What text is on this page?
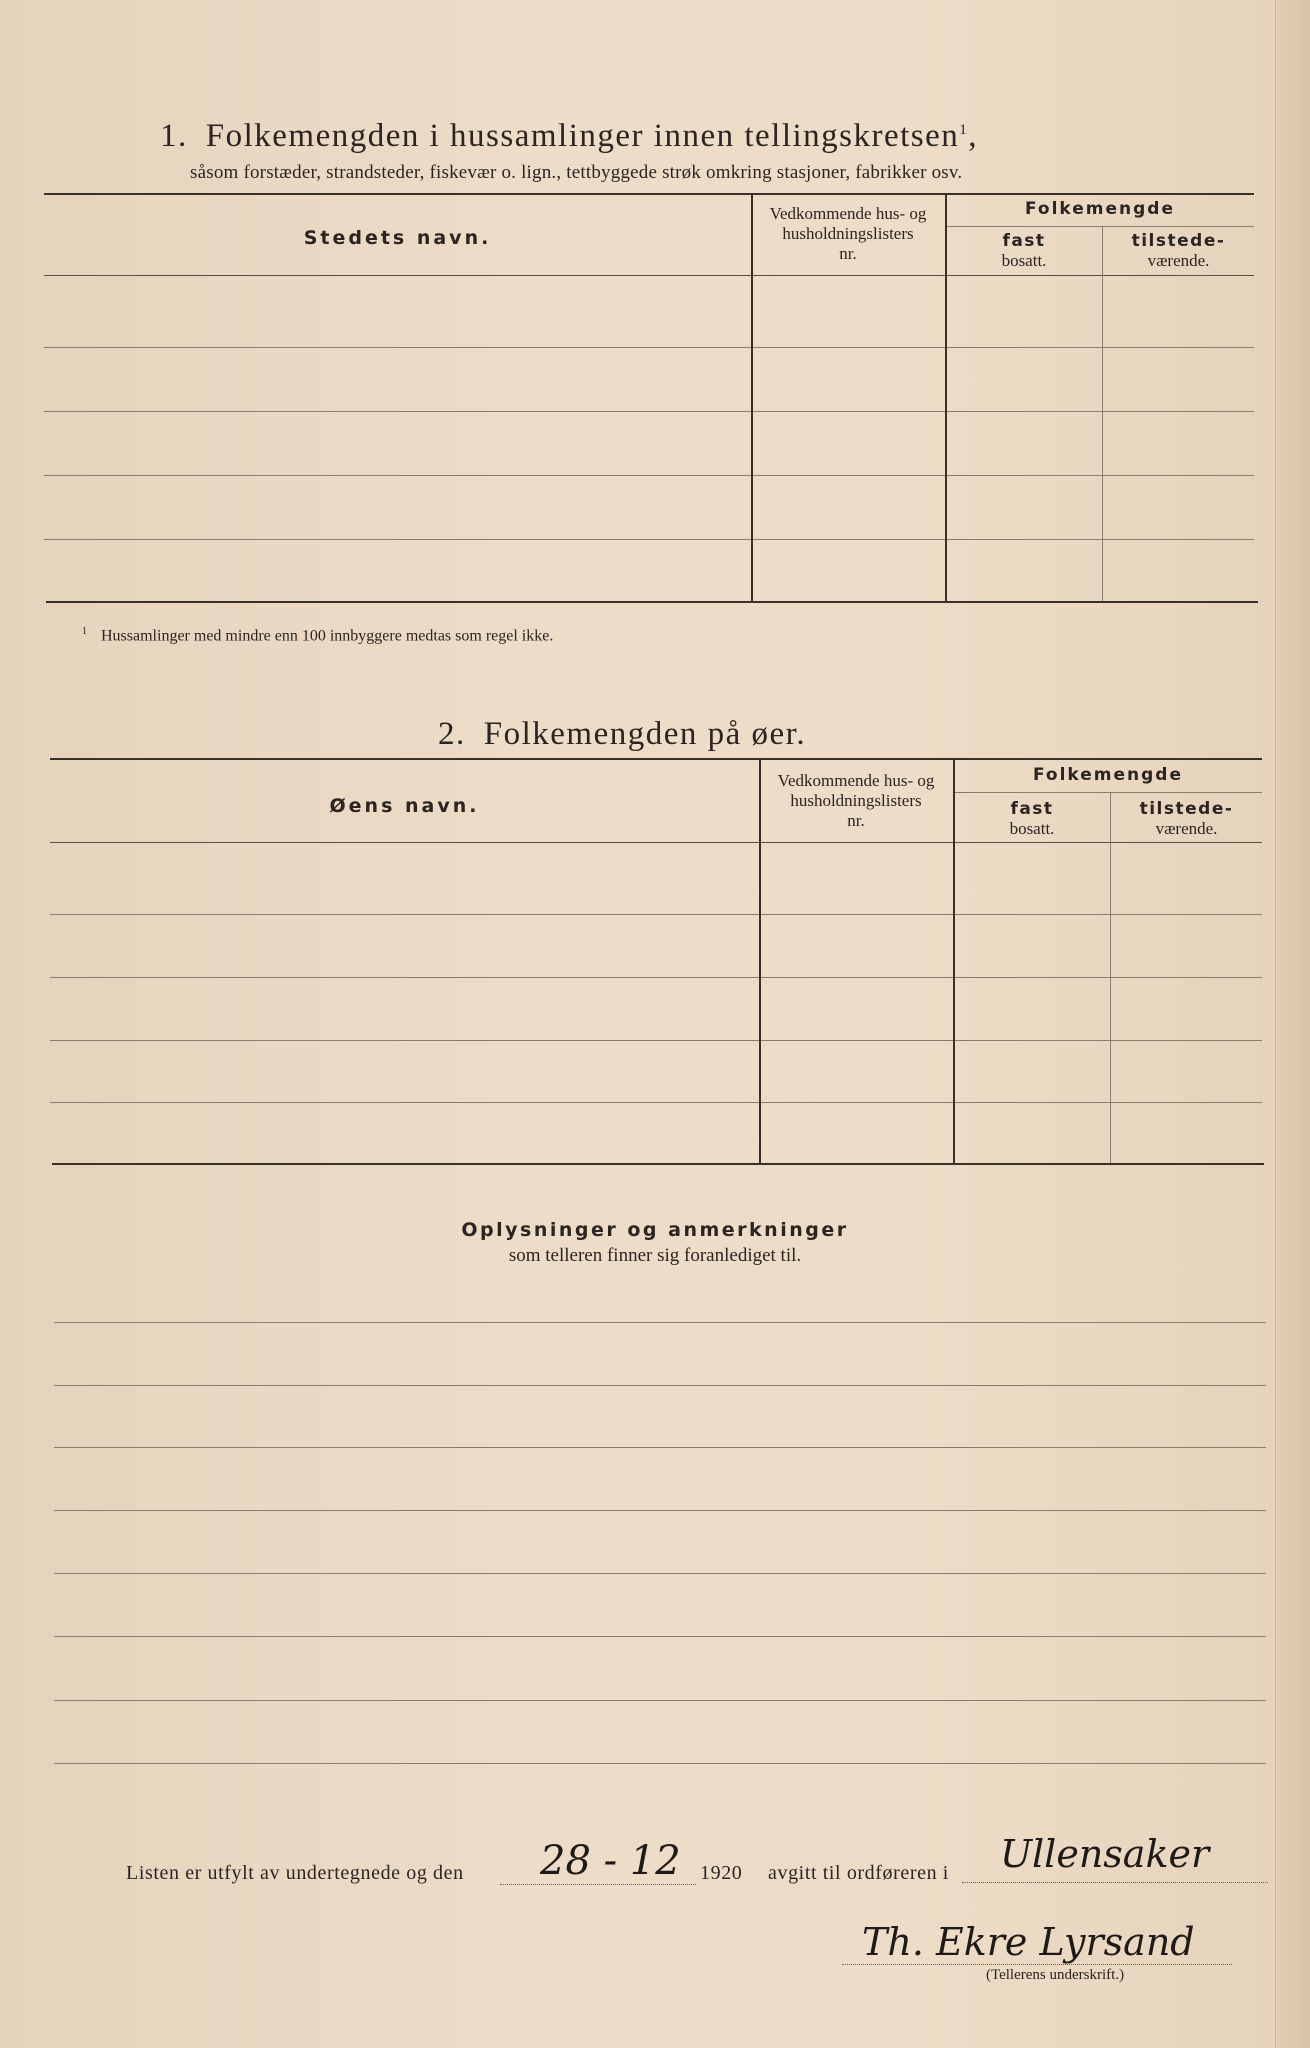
1. Folkemengden i hussamlinger innen tellingskretsen$^1$,
såsom forstæder, strandsteder, fiskevær o. lign., tettbyggede strøk omkring stasjoner, fabrikker osv.
Stedets navn.
Vedkommende hus- og
husholdningslisters
nr.
Folkemengde
fast
bosatt.
tilstede-
værende.
$^1$ Hussamlinger med mindre enn 100 innbyggere medtas som regel ikke.
2. Folkemengden på øer.
Øens navn.
Vedkommende hus- og
husholdningslisters
nr.
Folkemengde
fast
bosatt.
tilstede-
værende.
Oplysninger og anmerkninger
som telleren finner sig foranlediget til.
Listen er utfylt av undertegnede og den 28 - 12 1920 avgitt til ordføreren i Ullensaker
Th. Ekre Lyrsand
(Tellerens underskrift.)
